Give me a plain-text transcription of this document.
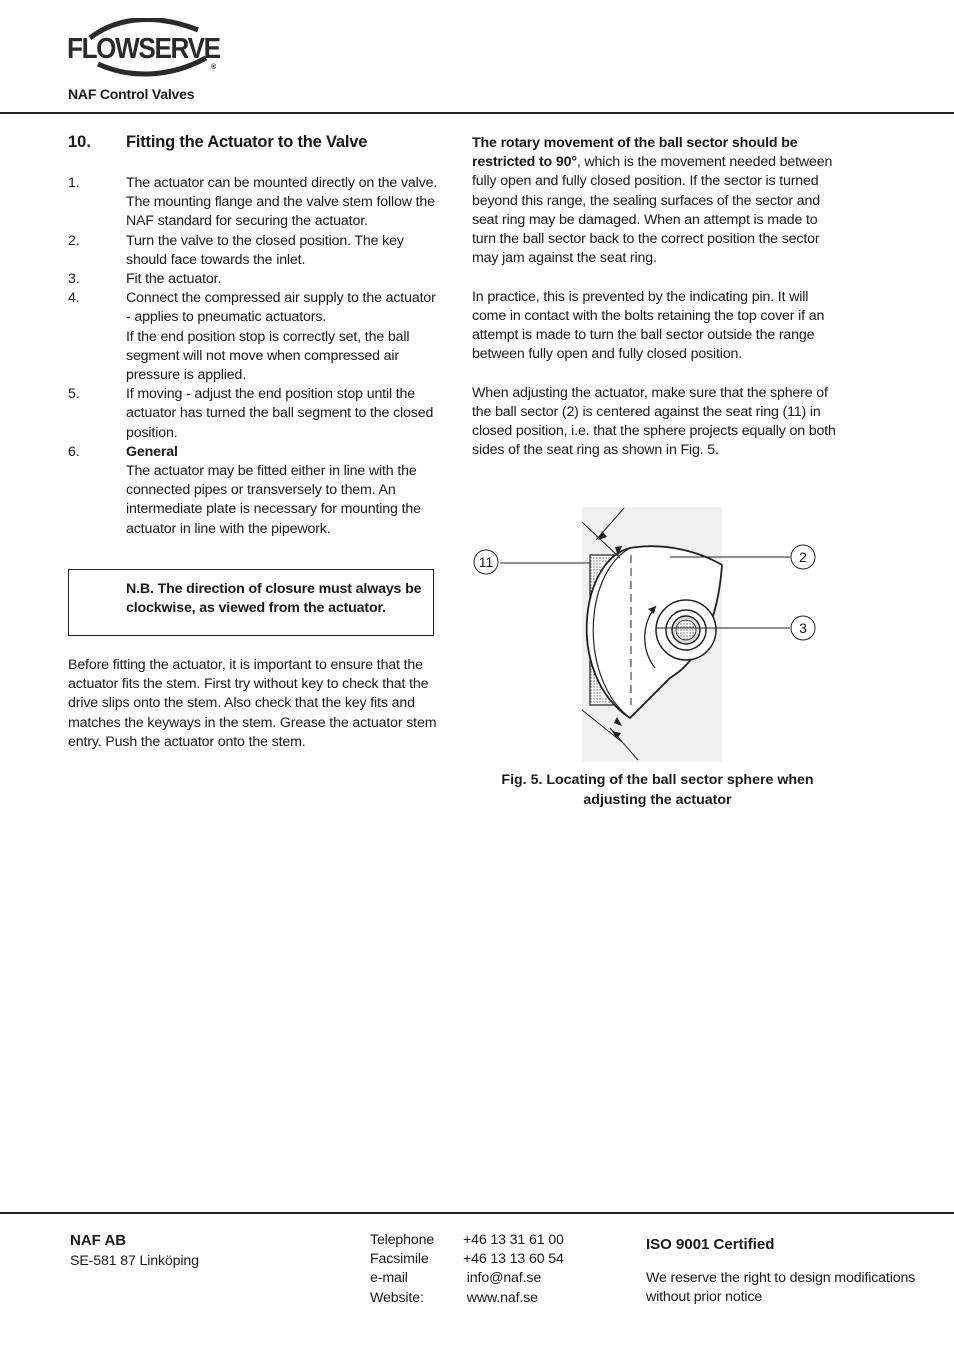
FLOWSERVE
®
NAF Control Valves
10. Fitting the Actuator to the Valve
1.	The actuator can be mounted directly on the valve. The mounting flange and the valve stem follow the NAF standard for securing the actuator.
2.	Turn the valve to the closed position. The key should face towards the inlet.
3.	Fit the actuator.
4.	Connect the compressed air supply to the actuator - applies to pneumatic actuators.
If the end position stop is correctly set, the ball segment will not move when compressed air pressure is applied.
5.	If moving - adjust the end position stop until the actuator has turned the ball segment to the closed position.
6.	General
The actuator may be fitted either in line with the connected pipes or transversely to them. An intermediate plate is necessary for mounting the actuator in line with the pipework.
N.B. The direction of closure must always be clockwise, as viewed from the actuator.
Before fitting the actuator, it is important to ensure that the actuator fits the stem. First try without key to check that the drive slips onto the stem. Also check that the key fits and matches the keyways in the stem. Grease the actuator stem entry. Push the actuator onto the stem.

The rotary movement of the ball sector should be restricted to 90°, which is the movement needed between fully open and fully closed position. If the sector is turned beyond this range, the sealing surfaces of the sector and seat ring may be damaged. When an attempt is made to turn the ball sector back to the correct position the sector may jam against the seat ring.

In practice, this is prevented by the indicating pin. It will come in contact with the bolts retaining the top cover if an attempt is made to turn the ball sector outside the range between fully open and fully closed position.

When adjusting the actuator, make sure that the sphere of the ball sector (2) is centered against the seat ring (11) in closed position, i.e. that the sphere projects equally on both sides of the seat ring as shown in Fig. 5.

11	2
3
Fig. 5. Locating of the ball sector sphere when adjusting the actuator
NAF AB
SE-581 87 Linköping
Telephone	+46 13 31 61 00
Facsimile	+46 13 13 60 54
e-mail	info@naf.se
Website:	www.naf.se
ISO 9001 Certified
We reserve the right to design modifications without prior notice
